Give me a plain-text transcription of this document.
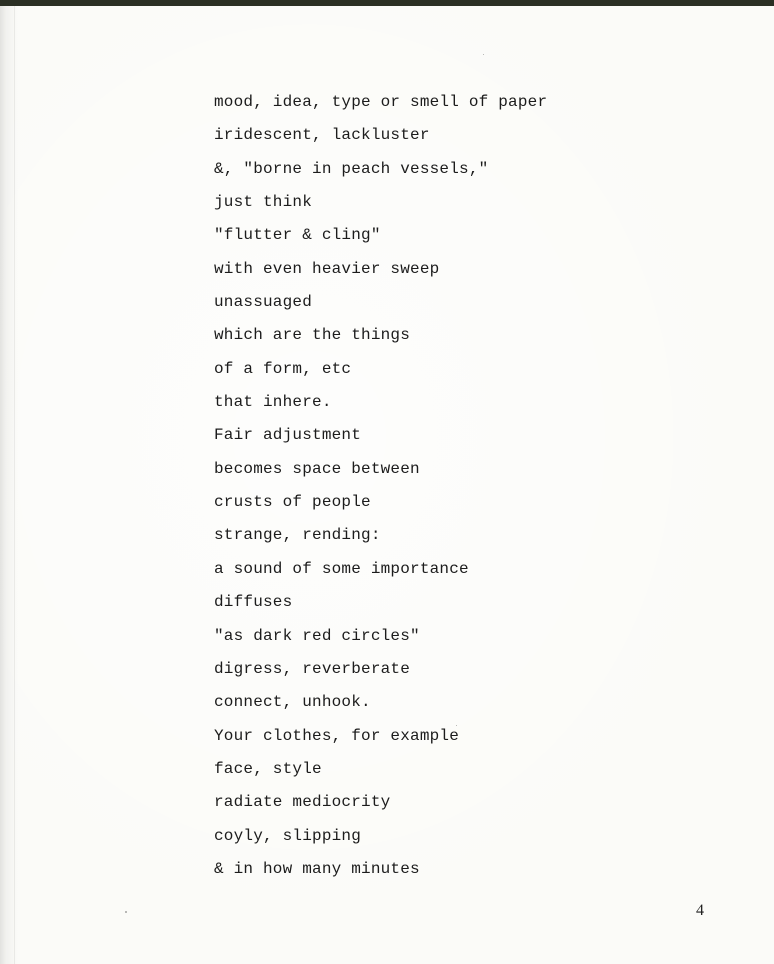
mood, idea, type or smell of paper
iridescent, lackluster
&, "borne in peach vessels,"
just think
"flutter & cling"
with even heavier sweep
unassuaged
which are the things
of a form, etc
that inhere.
Fair adjustment
becomes space between
crusts of people
strange, rending:
a sound of some importance
diffuses
"as dark red circles"
digress, reverberate
connect, unhook.
Your clothes, for example
face, style
radiate mediocrity
coyly, slipping
& in how many minutes
4
